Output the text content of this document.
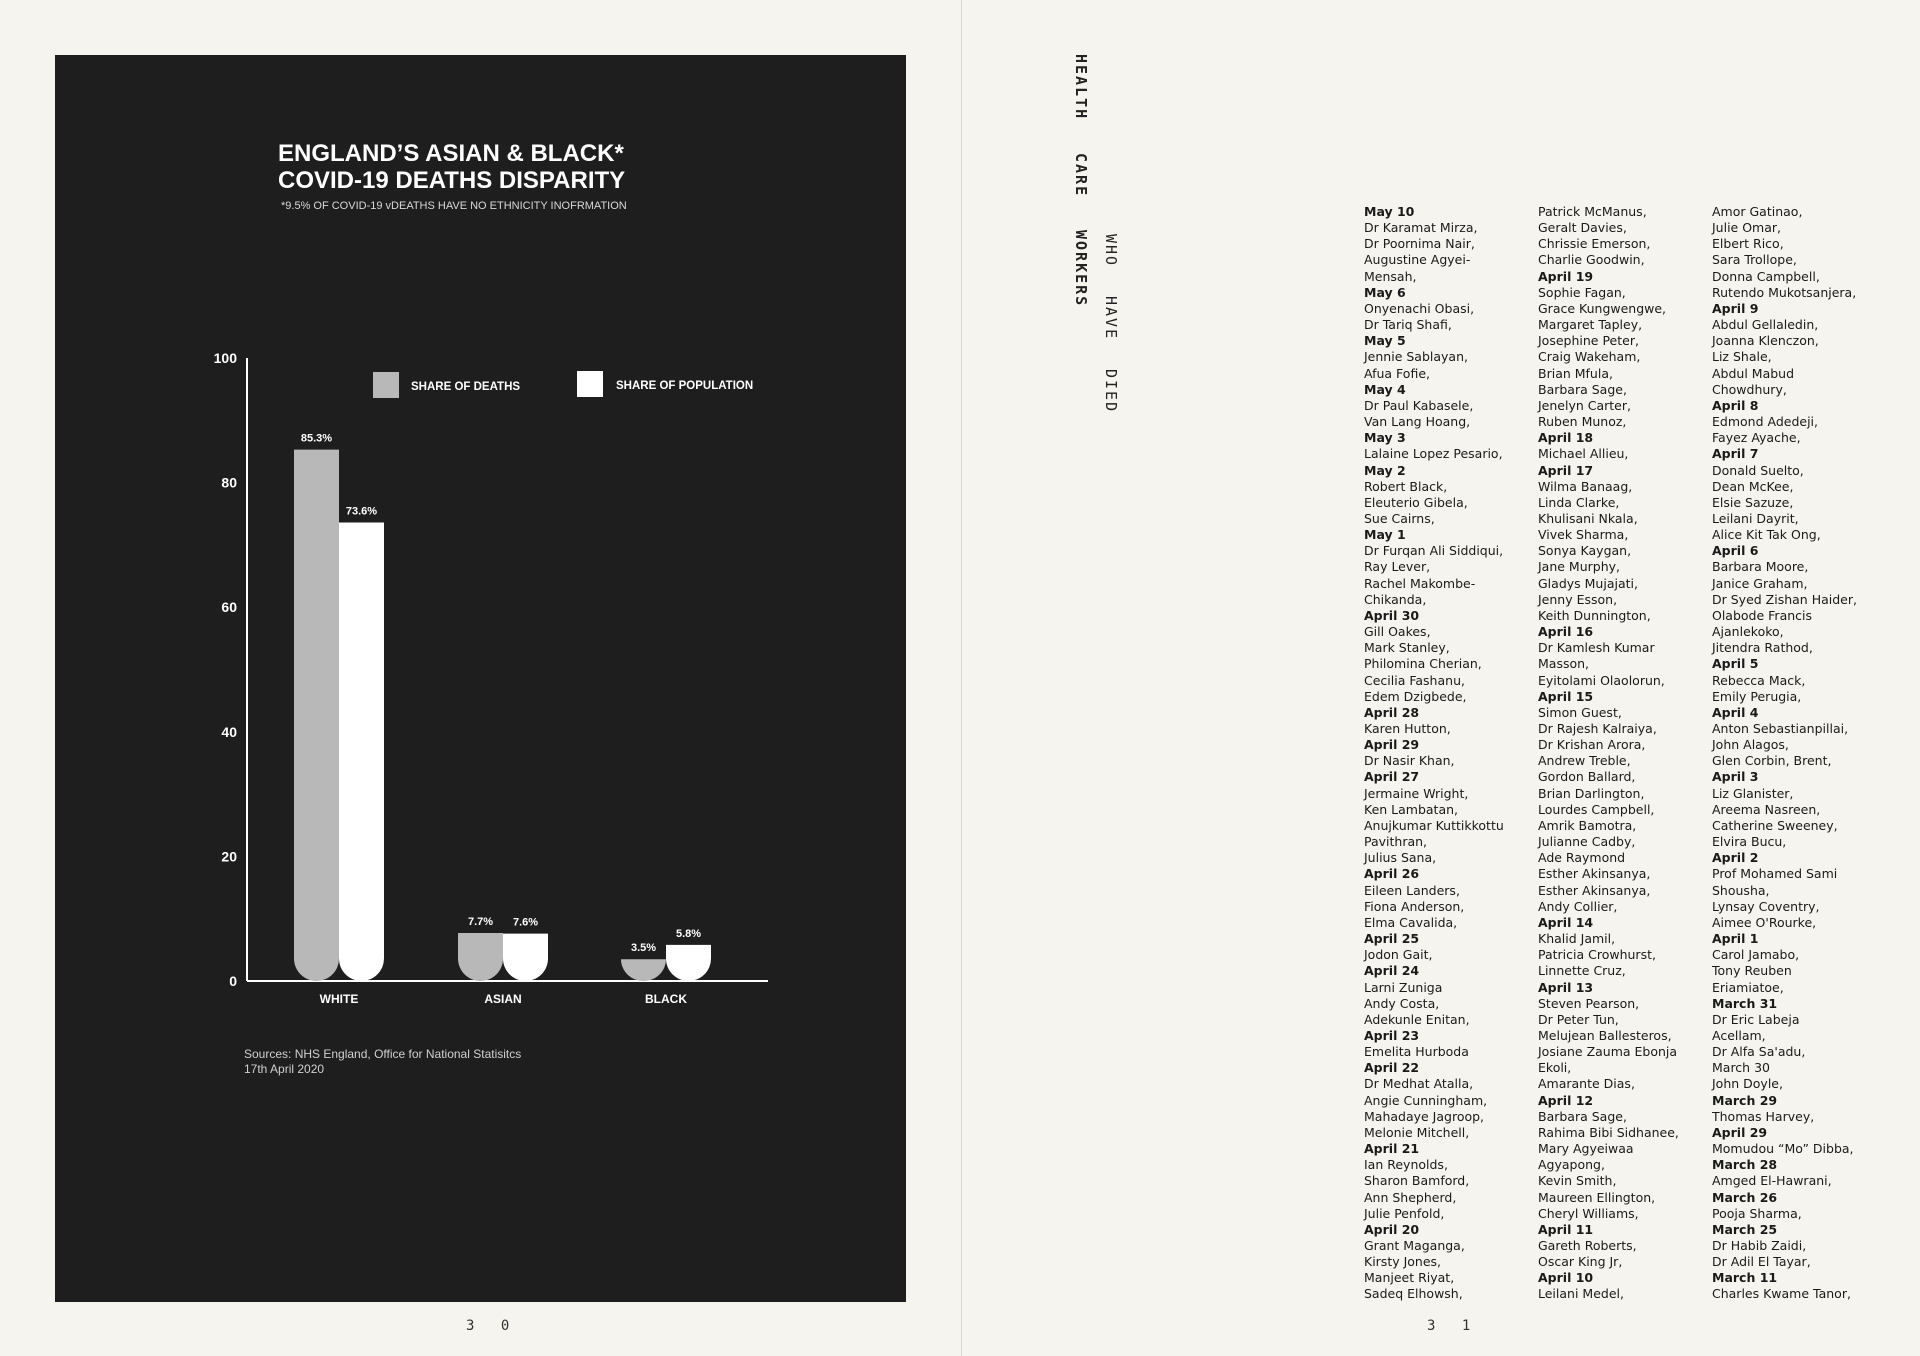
ENGLAND’S ASIAN & BLACK*
COVID-19 DEATHS DISPARITY
*9.5% OF COVID-19 vDEATHS HAVE NO ETHNICITY INOFRMATION
0
20
40
60
80
100
SHARE OF DEATHS	SHARE OF POPULATION
85.3%
73.6%
7.7% 7.6%
3.5%
5.8%
WHITE	ASIAN	BLACK
Sources: NHS England, Office for National Statisitcs
17th April 2020
3 0
HEALTH CARE WORKERS WHO HAVE DIED
May 10
Dr Karamat Mirza,
Dr Poornima Nair,
Augustine Agyei-
Mensah,
May 6
Onyenachi Obasi,
Dr Tariq Shafi,
May 5
Jennie Sablayan,
Afua Fofie,
May 4
Dr Paul Kabasele,
Van Lang Hoang,
May 3
Lalaine Lopez Pesario,
May 2
Robert Black,
Eleuterio Gibela,
Sue Cairns,
May 1
Dr Furqan Ali Siddiqui,
Ray Lever,
Rachel Makombe-
Chikanda,
April 30
Gill Oakes,
Mark Stanley,
Philomina Cherian,
Cecilia Fashanu,
Edem Dzigbede,
April 28
Karen Hutton,
April 29
Dr Nasir Khan,
April 27
Jermaine Wright,
Ken Lambatan,
Anujkumar Kuttikkottu
Pavithran,
Julius Sana,
April 26
Eileen Landers,
Fiona Anderson,
Elma Cavalida,
April 25
Jodon Gait,
April 24
Larni Zuniga
Andy Costa,
Adekunle Enitan,
April 23
Emelita Hurboda
April 22
Dr Medhat Atalla,
Angie Cunningham,
Mahadaye Jagroop,
Melonie Mitchell,
April 21
Ian Reynolds,
Sharon Bamford,
Ann Shepherd,
Julie Penfold,
April 20
Grant Maganga,
Kirsty Jones,
Manjeet Riyat,
Sadeq Elhowsh,
Patrick McManus,
Geralt Davies,
Chrissie Emerson,
Charlie Goodwin,
April 19
Sophie Fagan,
Grace Kungwengwe,
Margaret Tapley,
Josephine Peter,
Craig Wakeham,
Brian Mfula,
Barbara Sage,
Jenelyn Carter,
Ruben Munoz,
April 18
Michael Allieu,
April 17
Wilma Banaag,
Linda Clarke,
Khulisani Nkala,
Vivek Sharma,
Sonya Kaygan,
Jane Murphy,
Gladys Mujajati,
Jenny Esson,
Keith Dunnington,
April 16
Dr Kamlesh Kumar
Masson,
Eyitolami Olaolorun,
April 15
Simon Guest,
Dr Rajesh Kalraiya,
Dr Krishan Arora,
Andrew Treble,
Gordon Ballard,
Brian Darlington,
Lourdes Campbell,
Amrik Bamotra,
Julianne Cadby,
Ade Raymond
Esther Akinsanya,
Esther Akinsanya,
Andy Collier,
April 14
Khalid Jamil,
Patricia Crowhurst,
Linnette Cruz,
April 13
Steven Pearson,
Dr Peter Tun,
Melujean Ballesteros,
Josiane Zauma Ebonja
Ekoli,
Amarante Dias,
April 12
Barbara Sage,
Rahima Bibi Sidhanee,
Mary Agyeiwaa
Agyapong,
Kevin Smith,
Maureen Ellington,
Cheryl Williams,
April 11
Gareth Roberts,
Oscar King Jr,
April 10
Leilani Medel,
Amor Gatinao,
Julie Omar,
Elbert Rico,
Sara Trollope,
Donna Campbell,
Rutendo Mukotsanjera,
April 9
Abdul Gellaledin,
Joanna Klenczon,
Liz Shale,
Abdul Mabud
Chowdhury,
April 8
Edmond Adedeji,
Fayez Ayache,
April 7
Donald Suelto,
Dean McKee,
Elsie Sazuze,
Leilani Dayrit,
Alice Kit Tak Ong,
April 6
Barbara Moore,
Janice Graham,
Dr Syed Zishan Haider,
Olabode Francis
Ajanlekoko,
Jitendra Rathod,
April 5
Rebecca Mack,
Emily Perugia,
April 4
Anton Sebastianpillai,
John Alagos,
Glen Corbin, Brent,
April 3
Liz Glanister,
Areema Nasreen,
Catherine Sweeney,
Elvira Bucu,
April 2
Prof Mohamed Sami
Shousha,
Lynsay Coventry,
Aimee O'Rourke,
April 1
Carol Jamabo,
Tony Reuben
Eriamiatoe,
March 31
Dr Eric Labeja
Acellam,
Dr Alfa Sa'adu,
March 30
John Doyle,
March 29
Thomas Harvey,
April 29
Momudou “Mo” Dibba,
March 28
Amged El-Hawrani,
March 26
Pooja Sharma,
March 25
Dr Habib Zaidi,
Dr Adil El Tayar,
March 11
Charles Kwame Tanor,
3 1
